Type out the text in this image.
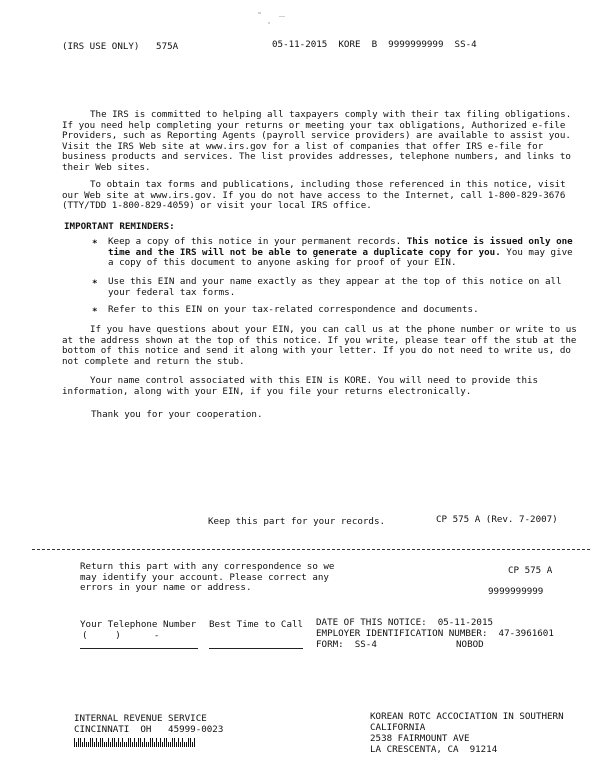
(IRS USE ONLY)   575A	05-11-2015  KORE  B  9999999999  SS-4
The IRS is committed to helping all taxpayers comply with their tax filing obligations. If you need help completing your returns or meeting your tax obligations, Authorized e-file Providers, such as Reporting Agents (payroll service providers) are available to assist you. Visit the IRS Web site at www.irs.gov for a list of companies that offer IRS e-file for business products and services. The list provides addresses, telephone numbers, and links to their Web sites.
To obtain tax forms and publications, including those referenced in this notice, visit our Web site at www.irs.gov. If you do not have access to the Internet, call 1-800-829-3676 (TTY/TDD 1-800-829-4059) or visit your local IRS office.
IMPORTANT REMINDERS:
* Keep a copy of this notice in your permanent records. This notice is issued only one time and the IRS will not be able to generate a duplicate copy for you. You may give a copy of this document to anyone asking for proof of your EIN.
* Use this EIN and your name exactly as they appear at the top of this notice on all your federal tax forms.
* Refer to this EIN on your tax-related correspondence and documents.
If you have questions about your EIN, you can call us at the phone number or write to us at the address shown at the top of this notice. If you write, please tear off the stub at the bottom of this notice and send it along with your letter. If you do not need to write us, do not complete and return the stub.
Your name control associated with this EIN is KORE. You will need to provide this information, along with your EIN, if you file your returns electronically.
Thank you for your cooperation.
Keep this part for your records.	CP 575 A (Rev. 7-2007)
Return this part with any correspondence so we may identify your account. Please correct any errors in your name or address.
CP 575 A
9999999999
Your Telephone Number
(     )      -
Best Time to Call DATE OF THIS NOTICE:  05-11-2015
EMPLOYER IDENTIFICATION NUMBER:  47-3961601
FORM:  SS-4	NOBOD
INTERNAL REVENUE SERVICE
CINCINNATI  OH   45999-0023
KOREAN ROTC ACCOCIATION IN SOUTHERN
CALIFORNIA
2538 FAIRMOUNT AVE
LA CRESCENTA, CA  91214
